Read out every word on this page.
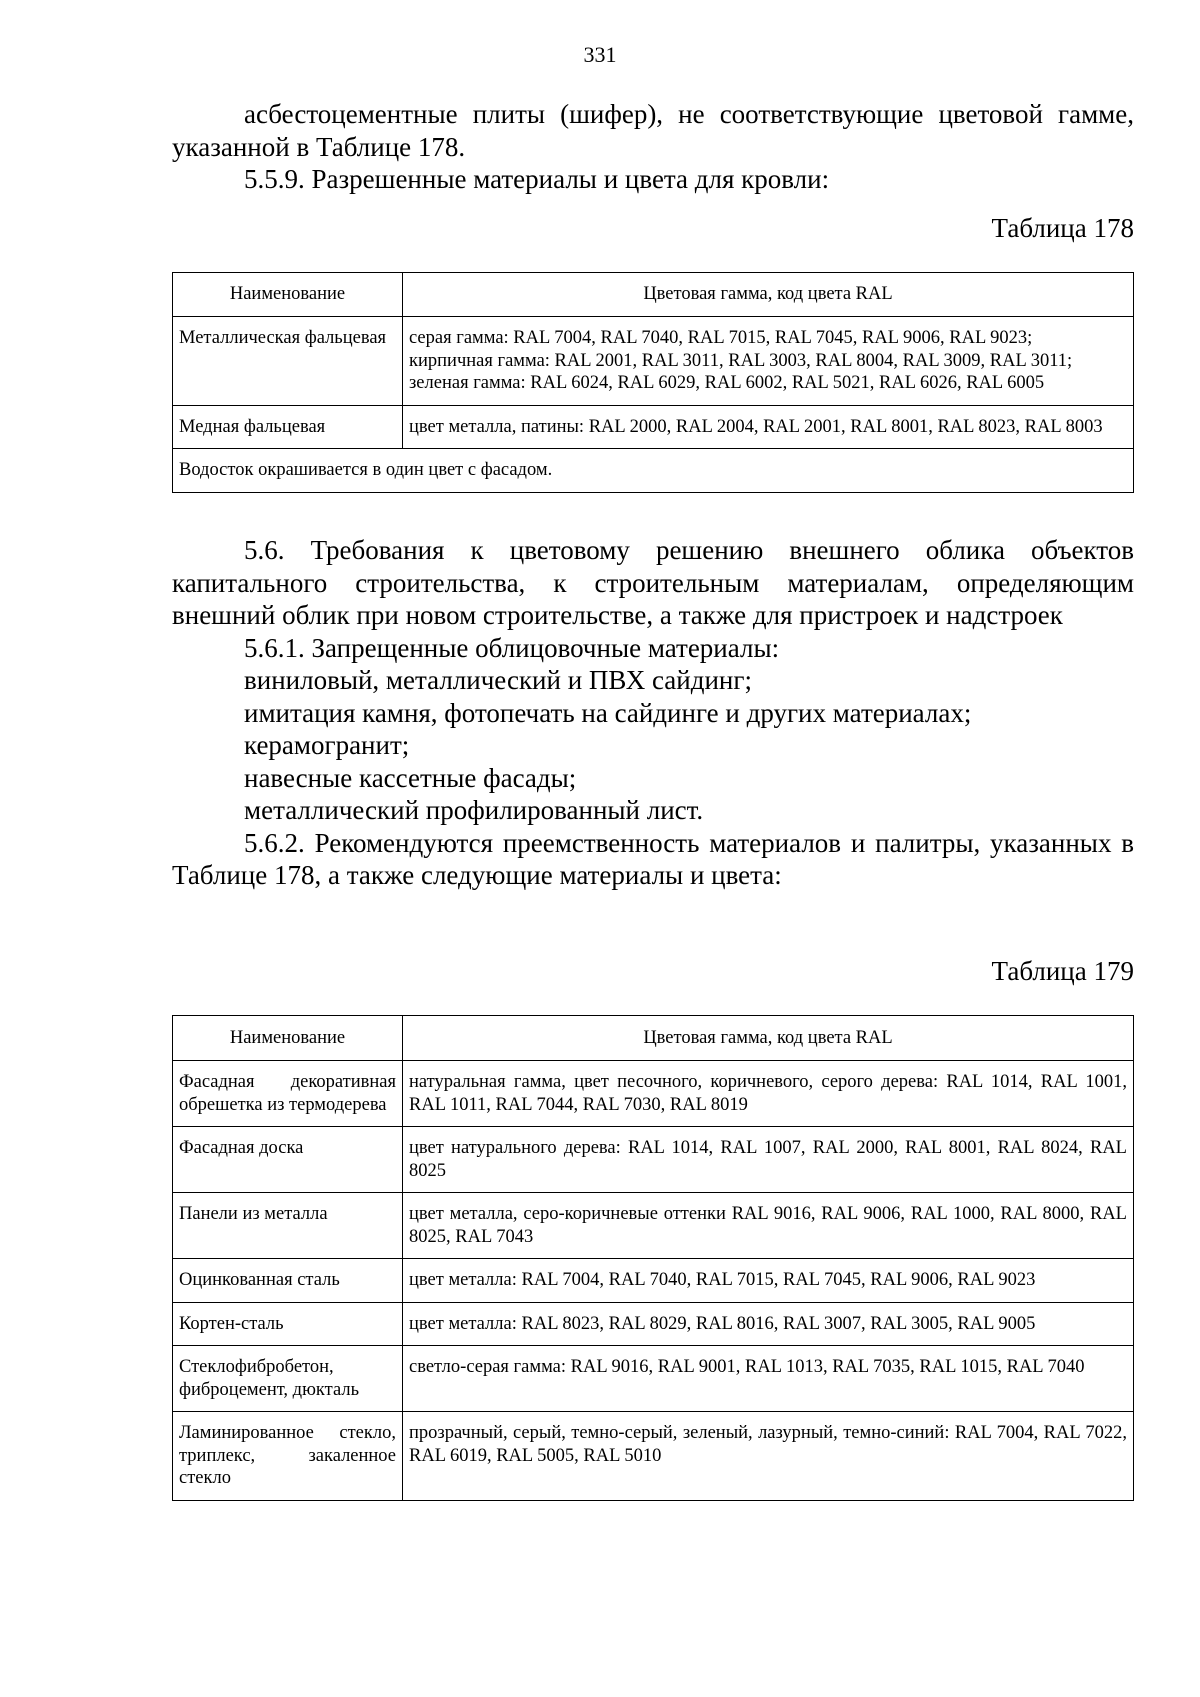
331

асбестоцементные плиты (шифер), не соответствующие цветовой гамме, указанной в Таблице 178.

5.5.9. Разрешенные материалы и цвета для кровли:

Таблица 178
Наименование	Цветовая гамма, код цвета RAL
Металлическая фальцевая	серая гамма: RAL 7004, RAL 7040, RAL 7015, RAL 7045, RAL 9006, RAL 9023;
кирпичная гамма: RAL 2001, RAL 3011, RAL 3003, RAL 8004, RAL 3009, RAL 3011;
зеленая гамма: RAL 6024, RAL 6029, RAL 6002, RAL 5021, RAL 6026, RAL 6005

Медная фальцевая	цвет металла, патины: RAL 2000, RAL 2004, RAL 2001, RAL 8001, RAL 8023, RAL 8003
Водосток окрашивается в один цвет с фасадом.	

5.6. Требования к цветовому решению внешнего облика объектов капитального строительства, к строительным материалам, определяющим внешний облик при новом строительстве, а также для пристроек и надстроек

5.6.1. Запрещенные облицовочные материалы:

виниловый, металлический и ПВХ сайдинг;

имитация камня, фотопечать на сайдинге и других материалах;

керамогранит;

навесные кассетные фасады;

металлический профилированный лист.

5.6.2. Рекомендуются преемственность материалов и палитры, указанных в Таблице 178, а также следующие материалы и цвета:

Таблица 179
Наименование	Цветовая гамма, код цвета RAL
Фасадная декоративная обрешетка из термодерева	натуральная гамма, цвет песочного, коричневого, серого дерева: RAL 1014, RAL 1001, RAL 1011, RAL 7044, RAL 7030, RAL 8019
Фасадная доска	цвет натурального дерева: RAL 1014, RAL 1007, RAL 2000, RAL 8001, RAL 8024, RAL 8025
Панели из металла	цвет металла, серо-коричневые оттенки RAL 9016, RAL 9006, RAL 1000, RAL 8000, RAL 8025, RAL 7043
Оцинкованная сталь	цвет металла: RAL 7004, RAL 7040, RAL 7015, RAL 7045, RAL 9006, RAL 9023
Кортен-сталь	цвет металла: RAL 8023, RAL 8029, RAL 8016, RAL 3007, RAL 3005, RAL 9005
Стеклофибробетон, фиброцемент, дюкталь	светло-серая гамма: RAL 9016, RAL 9001, RAL 1013, RAL 7035, RAL 1015, RAL 7040
Ламинированное стекло, триплекс, закаленное стекло	прозрачный, серый, темно-серый, зеленый, лазурный, темно-синий: RAL 7004, RAL 7022, RAL 6019, RAL 5005, RAL 5010
